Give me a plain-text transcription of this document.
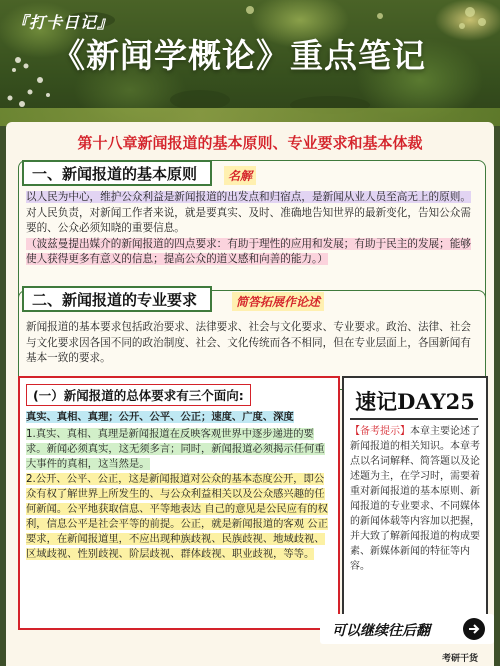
『打卡日记』
《新闻学概论》重点笔记
第十八章新闻报道的基本原则、专业要求和基本体裁
一、新闻报道的基本原则	名解
以人民为中心，维护公众利益是新闻报道的出发点和归宿点，是新闻从业人员至高无上的原则。
对人民负责，对新闻工作者来说，就是要真实、及时、准确地告知世界的最新变化，告知公众需要的、公众必须知晓的重要信息。
（波兹曼提出媒介的新闻报道的四点要求：有助于理性的应用和发展；有助于民主的发展；能够使人获得更多有意义的信息；提高公众的道义感和向善的能力。）
二、新闻报道的专业要求	简答拓展作论述
新闻报道的基本要求包括政治要求、法律要求、社会与文化要求、专业要求。政治、法律、社会与文化要求因各国不同的政治制度、社会、文化传统而各不相同，但在专业层面上，各国新闻有基本一致的要求。
(一）新闻报道的总体要求有三个面向:
真实、真相、真理；公开、公平、公正；速度、广度、深度
1.真实、真相、真理是新闻报道在反映客观世界中逐步递进的要求。新闻必须真实，这无须多言；同时，新闻报道必须揭示任何重大事件的真相，这当然是。
2.公开、公平、公正，这是新闻报道对公众的基本态度公开，即公众有权了解世界上所发生的、与公众利益相关以及公众感兴趣的任何新闻。公平地获取信息、平等地表达 自己的意见是公民应有的权利，信息公平是社会平等的前提。公正，就是新闻报道的客观 公正要求，在新闻报道里，不应出现种族歧视、民族歧视、地域歧视、区域歧视、性别歧视、阶层歧视、群体歧视、职业歧视，等等。
速记DAY25
【备考提示】本章主要论述了新闻报道的相关知识。本章考点以名词解释、简答题以及论述题为主，在学习时，需要着重对新闻报道的基本原则、新闻报道的专业要求、不同媒体的新闻体载等内容加以把握，并大致了解新闻报道的构成要素、新媒体新闻的特征等内容。
可以继续往后翻
考研干货
